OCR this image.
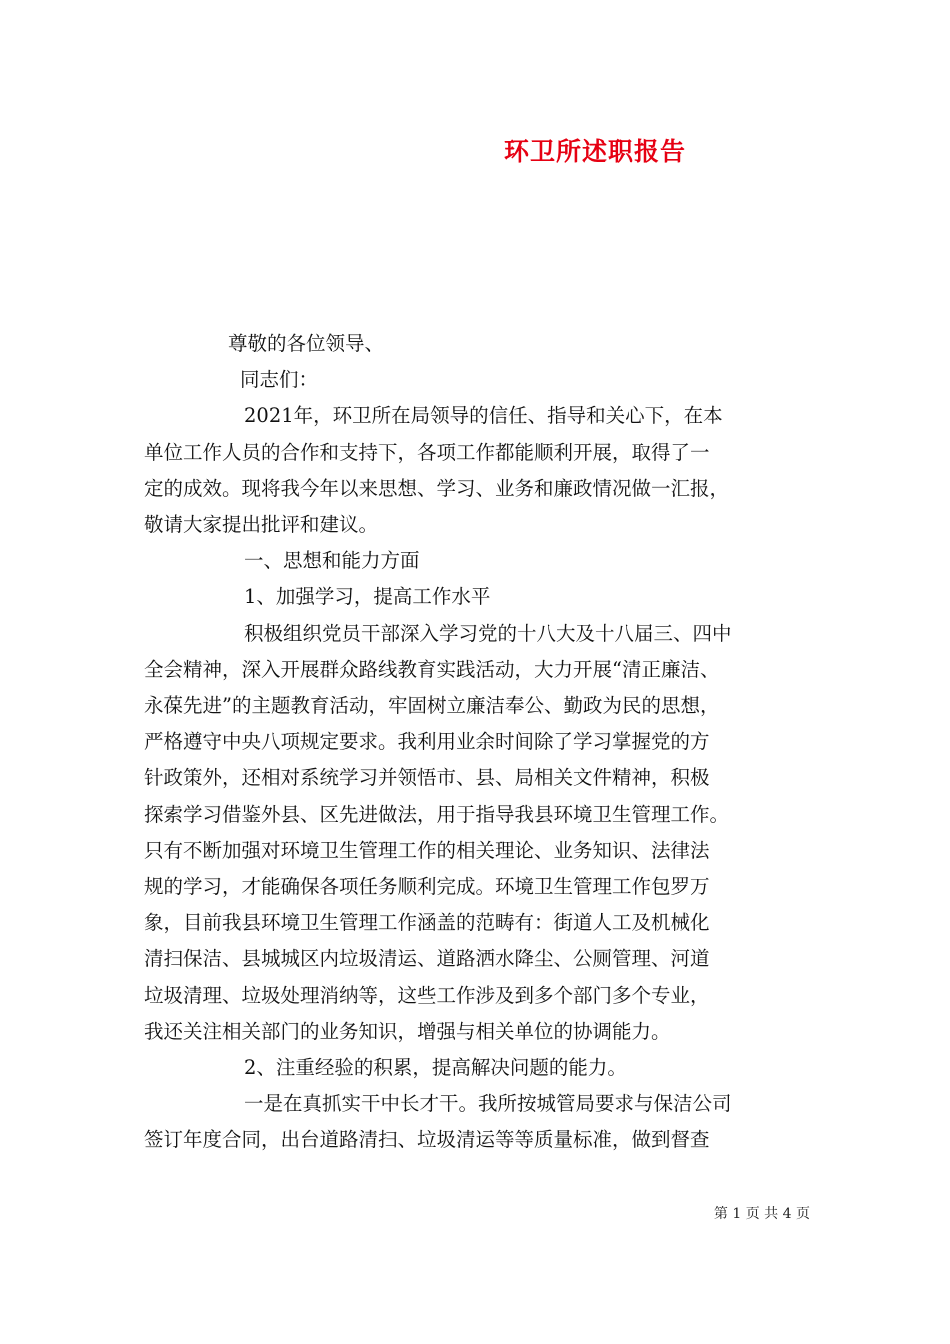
环卫所述职报告

尊敬的各位领导、

同志们：

2021年，环卫所在局领导的信任、指导和关心下，在本

单位工作人员的合作和支持下，各项工作都能顺利开展，取得了一

定的成效。现将我今年以来思想、学习、业务和廉政情况做一汇报，

敬请大家提出批评和建议。

一、思想和能力方面

1、加强学习，提高工作水平

积极组织党员干部深入学习党的十八大及十八届三、四中

全会精神，深入开展群众路线教育实践活动，大力开展“清正廉洁、

永葆先进”的主题教育活动，牢固树立廉洁奉公、勤政为民的思想，

严格遵守中央八项规定要求。我利用业余时间除了学习掌握党的方

针政策外，还相对系统学习并领悟市、县、局相关文件精神，积极

探索学习借鉴外县、区先进做法，用于指导我县环境卫生管理工作。

只有不断加强对环境卫生管理工作的相关理论、业务知识、法律法

规的学习，才能确保各项任务顺利完成。环境卫生管理工作包罗万

象，目前我县环境卫生管理工作涵盖的范畴有：街道人工及机械化

清扫保洁、县城城区内垃圾清运、道路洒水降尘、公厕管理、河道

垃圾清理、垃圾处理消纳等，这些工作涉及到多个部门多个专业，

我还关注相关部门的业务知识，增强与相关单位的协调能力。

2、注重经验的积累，提高解决问题的能力。

一是在真抓实干中长才干。我所按城管局要求与保洁公司

签订年度合同，出台道路清扫、垃圾清运等等质量标准，做到督查

第 1 页 共 4 页
